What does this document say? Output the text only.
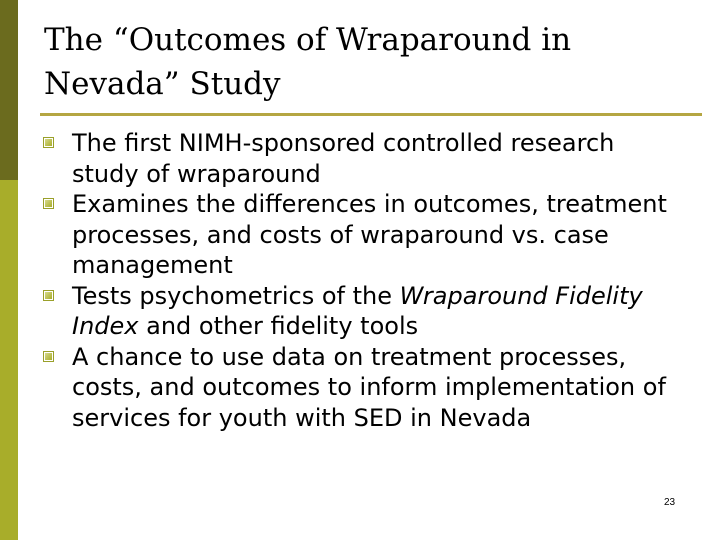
The “Outcomes of Wraparound in
Nevada” Study
The first NIMH-sponsored controlled research study of wraparound
Examines the differences in outcomes, treatment processes, and costs of wraparound vs. case management
Tests psychometrics of the Wraparound Fidelity Index and other fidelity tools
A chance to use data on treatment processes, costs, and outcomes to inform implementation of services for youth with SED in Nevada
23
